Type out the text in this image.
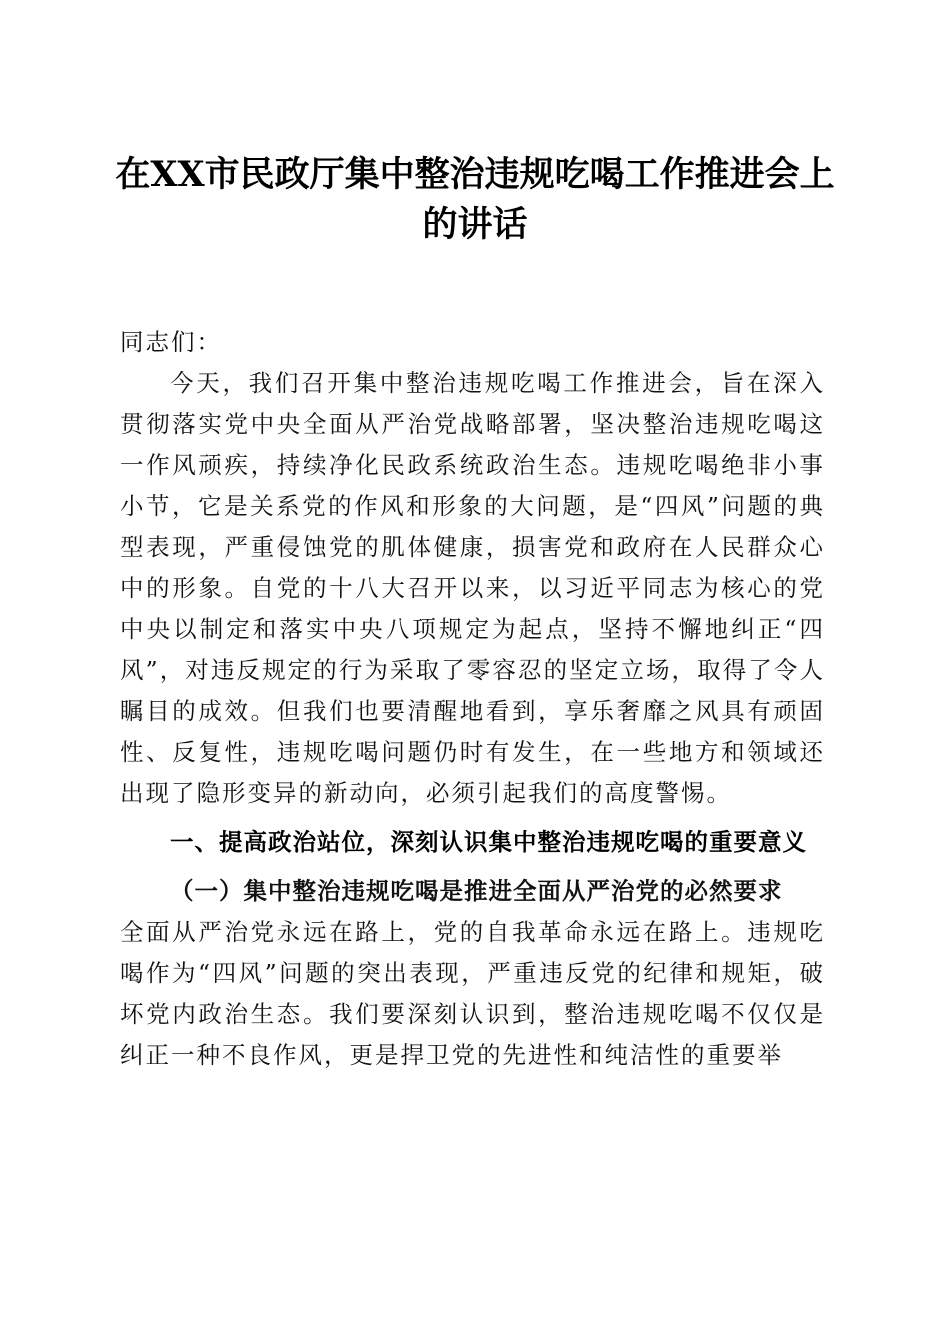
在XX市民政厅集中整治违规吃喝工作推进会上的讲话

同志们：

今天，我们召开集中整治违规吃喝工作推进会，旨在深入贯彻落实党中央全面从严治党战略部署，坚决整治违规吃喝这一作风顽疾，持续净化民政系统政治生态。违规吃喝绝非小事小节，它是关系党的作风和形象的大问题，是“四风”问题的典型表现，严重侵蚀党的肌体健康，损害党和政府在人民群众心中的形象。自党的十八大召开以来，以习近平同志为核心的党中央以制定和落实中央八项规定为起点，坚持不懈地纠正“四风”，对违反规定的行为采取了零容忍的坚定立场，取得了令人瞩目的成效。但我们也要清醒地看到，享乐奢靡之风具有顽固性、反复性，违规吃喝问题仍时有发生，在一些地方和领域还出现了隐形变异的新动向，必须引起我们的高度警惕。

一、提高政治站位，深刻认识集中整治违规吃喝的重要意义

（一）集中整治违规吃喝是推进全面从严治党的必然要求

全面从严治党永远在路上，党的自我革命永远在路上。违规吃喝作为“四风”问题的突出表现，严重违反党的纪律和规矩，破坏党内政治生态。我们要深刻认识到，整治违规吃喝不仅仅是纠正一种不良作风，更是捍卫党的先进性和纯洁性的重要举
